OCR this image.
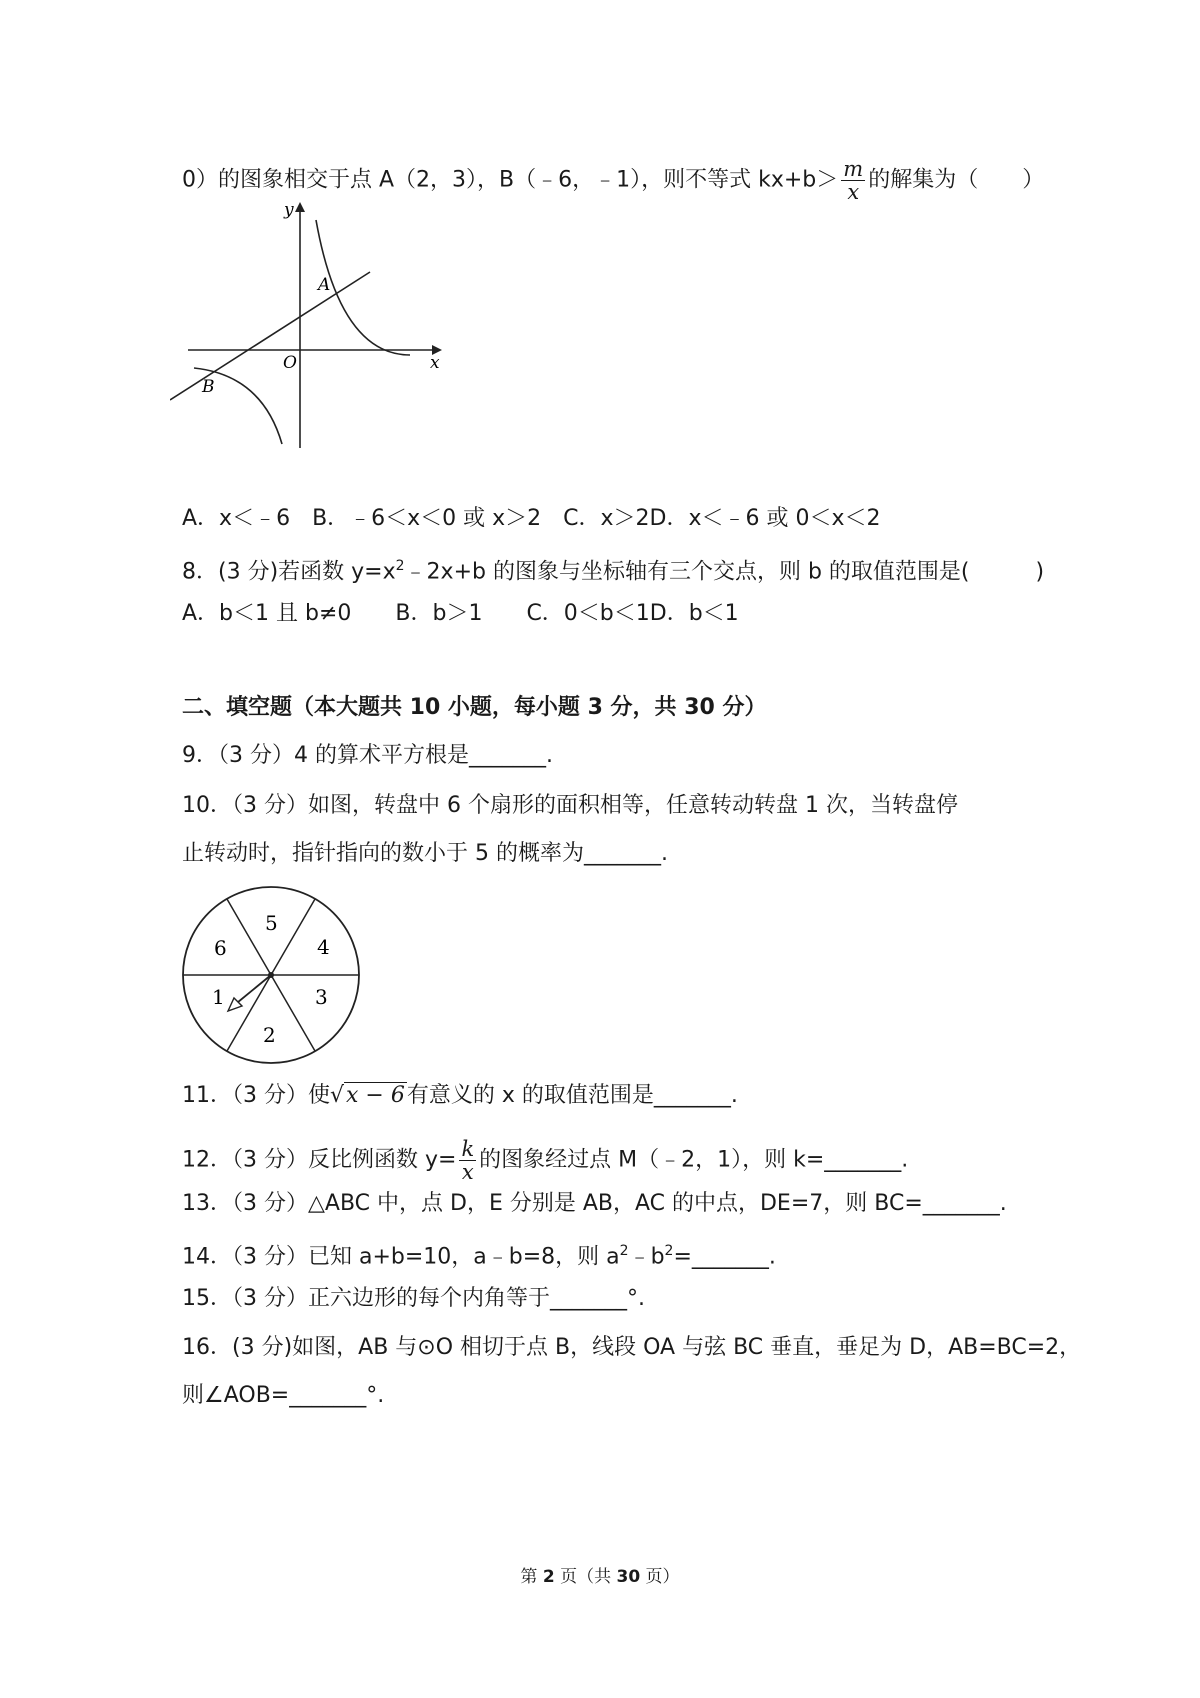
0）的图象相交于点 A（2，3），B（﹣6，﹣1），则不等式 $kx+b> \frac{m}{x}$ 的解集为（　　）
y
x
O
A
B
A．x＜﹣6　B．﹣6＜x＜0 或 x＞2　C．x＞2D．x＜﹣6 或 0＜x＜2
8．(3 分)若函数 $y=x^2﹣2x+b$ 的图象与坐标轴有三个交点，则 b 的取值范围是(　　　)
A．b＜1 且 b≠0　　B．b＞1　　C．0＜b＜1D．b＜1
二、填空题（本大题共 10 小题，每小题 3 分，共 30 分）
9．（3 分）4 的算术平方根是_______.
10．（3 分）如图，转盘中 6 个扇形的面积相等，任意转动转盘 1 次，当转盘停
止转动时，指针指向的数小于 5 的概率为_______.
1
2
3
4
5
6
11．（3 分）使√x − 6有意义的 x 的取值范围是_______.
12．（3 分）反比例函数 $y= \frac{k}{x}$ 的图象经过点 M（﹣2，1），则 k=_______.
13．（3 分）△ABC 中，点 D，E 分别是 AB，AC 的中点，DE=7，则 BC=_______.
14．（3 分）已知 a+b=10，a﹣b=8，则 $a^2﹣b^2=\_\_\_\_\_\_\_$.
15．（3 分）正六边形的每个内角等于_______°.
16．(3 分)如图，AB 与⊙O 相切于点 B，线段 OA 与弦 BC 垂直，垂足为 D，AB=BC=2，
则∠AOB=_______°.
第 2 页（共 30 页）
